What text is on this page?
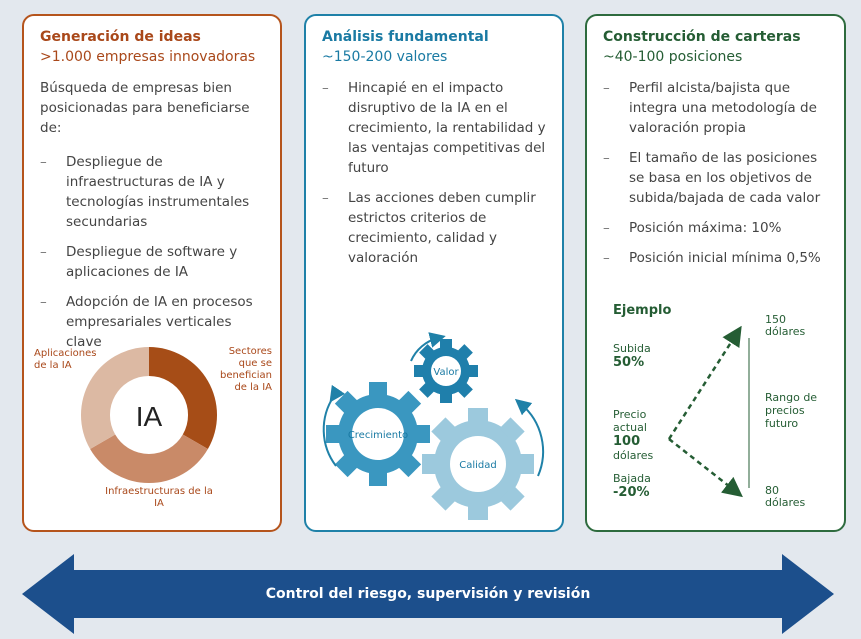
Generación de ideas
>1.000 empresas innovadoras
Búsqueda de empresas bien posicionadas para beneficiarse de:
– Despliegue de infraestructuras de IA y tecnologías instrumentales secundarias
– Despliegue de software y aplicaciones de IA
– Adopción de IA en procesos empresariales verticales clave
IA
Aplicaciones de la IA
Sectores que se benefician de la IA
Infraestructuras de la IA
Análisis fundamental
~150-200 valores
– Hincapié en el impacto disruptivo de la IA en el crecimiento, la rentabilidad y las ventajas competitivas del futuro
– Las acciones deben cumplir estrictos criterios de crecimiento, calidad y valoración
Valor
Crecimiento
Calidad
Construcción de carteras
~40-100 posiciones
– Perfil alcista/bajista que integra una metodología de valoración propia
– El tamaño de las posiciones se basa en los objetivos de subida/bajada de cada valor
– Posición máxima: 10%
– Posición inicial mínima 0,5%
Ejemplo
Subida
50%
Precio actual
100
dólares
Bajada
-20%
150
dólares
Rango de precios futuro
80
dólares
Control del riesgo, supervisión y revisión
